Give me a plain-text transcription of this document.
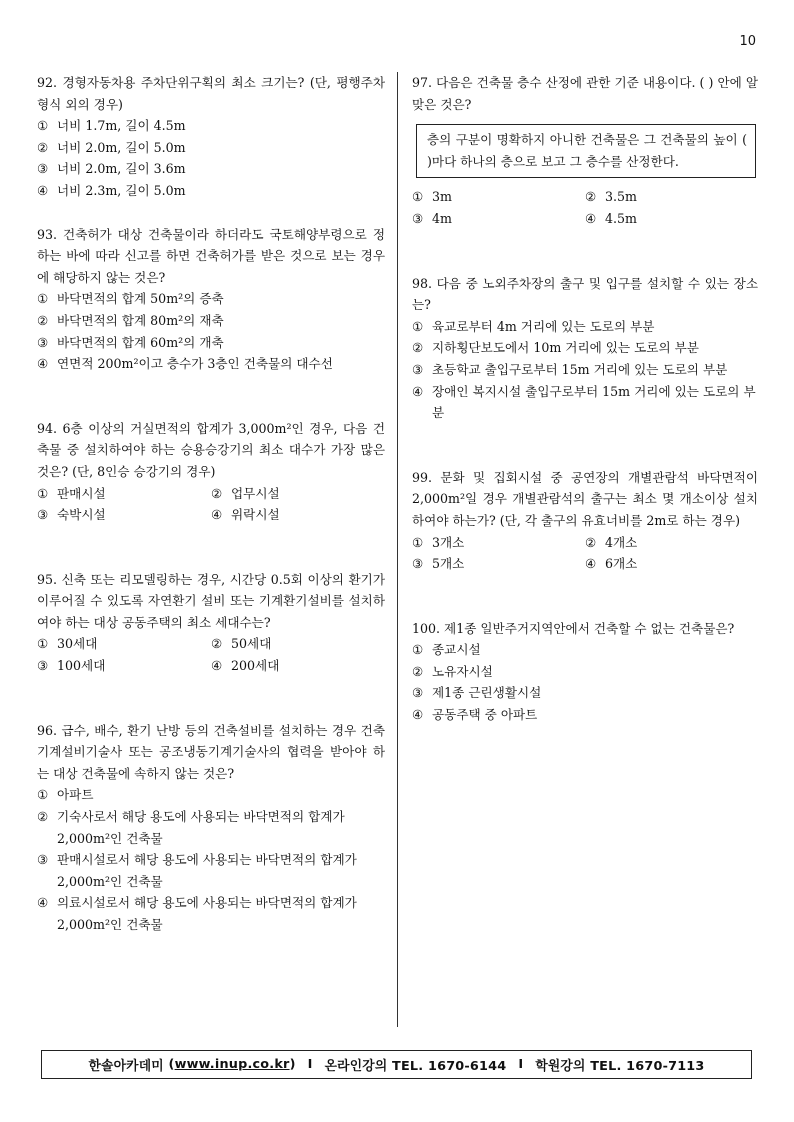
10
92. 경형자동차용 주차단위구획의 최소 크기는? (단, 평행주차형식 외의 경우)
① 너비 1.7m, 길이 4.5m
② 너비 2.0m, 길이 5.0m
③ 너비 2.0m, 길이 3.6m
④ 너비 2.3m, 길이 5.0m
93. 건축허가 대상 건축물이라 하더라도 국토해양부령으로 정하는 바에 따라 신고를 하면 건축허가를 받은 것으로 보는 경우에 해당하지 않는 것은?
① 바닥면적의 합계 50m²의 증축
② 바닥면적의 합계 80m²의 재축
③ 바닥면적의 합계 60m²의 개축
④ 연면적 200m²이고 층수가 3층인 건축물의 대수선
94. 6층 이상의 거실면적의 합계가 3,000m²인 경우, 다음 건축물 중 설치하여야 하는 승용승강기의 최소 대수가 가장 많은 것은? (단, 8인승 승강기의 경우)
① 판매시설	② 업무시설
③ 숙박시설	④ 위락시설
95. 신축 또는 리모델링하는 경우, 시간당 0.5회 이상의 환기가 이루어질 수 있도록 자연환기 설비 또는 기계환기설비를 설치하여야 하는 대상 공동주택의 최소 세대수는?
① 30세대	② 50세대
③ 100세대	④ 200세대
96. 급수, 배수, 환기 난방 등의 건축설비를 설치하는 경우 건축기계설비기술사 또는 공조냉동기계기술사의 협력을 받아야 하는 대상 건축물에 속하지 않는 것은?
① 아파트
② 기숙사로서 해당 용도에 사용되는 바닥면적의 합계가 2,000m²인 건축물
③ 판매시설로서 해당 용도에 사용되는 바닥면적의 합계가 2,000m²인 건축물
④ 의료시설로서 해당 용도에 사용되는 바닥면적의 합계가 2,000m²인 건축물
97. 다음은 건축물 층수 산정에 관한 기준 내용이다. ( ) 안에 알맞은 것은?
층의 구분이 명확하지 아니한 건축물은 그 건축물의 높이 ( )마다 하나의 층으로 보고 그 층수를 산정한다.
① 3m	② 3.5m
③ 4m	④ 4.5m
98. 다음 중 노외주차장의 출구 및 입구를 설치할 수 있는 장소는?
① 육교로부터 4m 거리에 있는 도로의 부분
② 지하횡단보도에서 10m 거리에 있는 도로의 부분
③ 초등학교 출입구로부터 15m 거리에 있는 도로의 부분
④ 장애인 복지시설 출입구로부터 15m 거리에 있는 도로의 부분
99. 문화 및 집회시설 중 공연장의 개별관람석 바닥면적이 2,000m²일 경우 개별관람석의 출구는 최소 몇 개소이상 설치하여야 하는가? (단, 각 출구의 유효너비를 2m로 하는 경우)
① 3개소	② 4개소
③ 5개소	④ 6개소
100. 제1종 일반주거지역안에서 건축할 수 없는 건축물은?
① 종교시설
② 노유자시설
③ 제1종 근린생활시설
④ 공동주택 중 아파트
한솔아카데미 ( www.inup.co.kr ) I 온라인강의 TEL. 1670-6144 I 학원강의 TEL. 1670-7113
